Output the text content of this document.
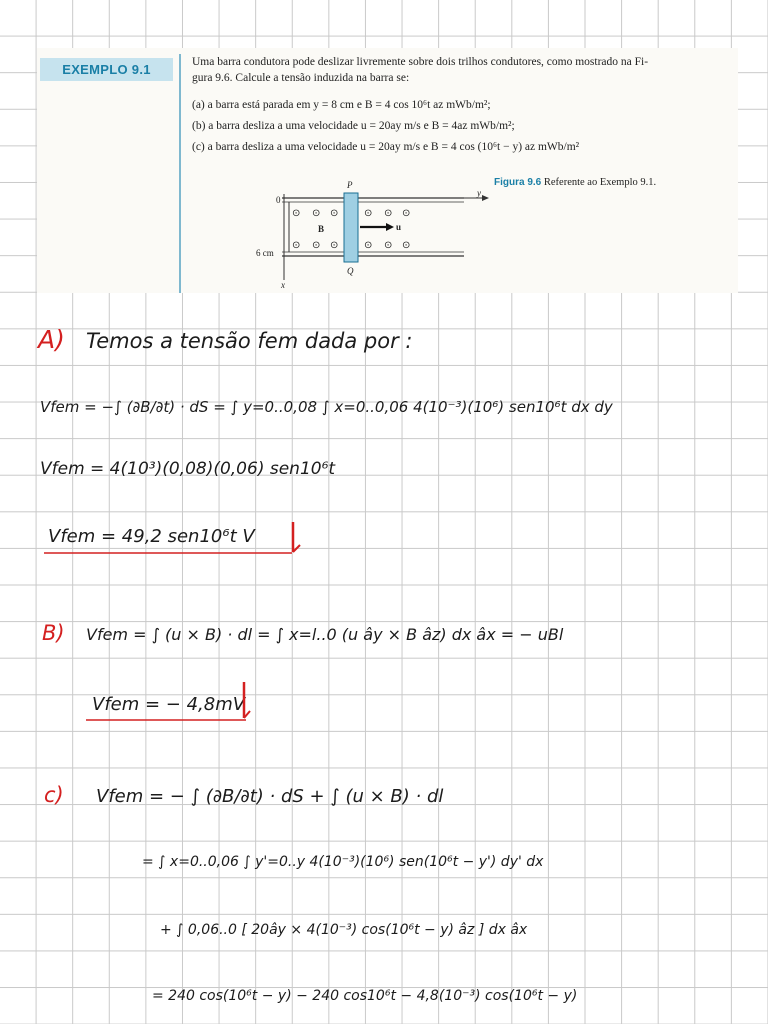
EXEMPLO 9.1	Uma barra condutora pode deslizar livremente sobre dois trilhos condutores, como mostrado na Fi-

gura 9.6. Calcule a tensão induzida na barra se:

(a) a barra está parada em y = 8 cm e B = 4 cos 10⁶t az mWb/m²;
(b) a barra desliza a uma velocidade u = 20ay m/s e B = 4az mWb/m²;
(c) a barra desliza a uma velocidade u = 20ay m/s e B = 4 cos (10⁶t − y) az mWb/m²
Figura 9.6 Referente ao Exemplo 9.1.
⊙ ⊙ ⊙	⊙ ⊙ ⊙
⊙ ⊙ ⊙	⊙ ⊙ ⊙
0
y
x
6 cm
P
Q
B	u
A) Temos a tensão fem dada por :
Vfem = −∫ (∂B/∂t) · dS = ∫ y=0..0,08 ∫ x=0..0,06 4(10⁻³)(10⁶) sen10⁶t dx dy
Vfem = 4(10³)(0,08)(0,06) sen10⁶t
Vfem = 49,2 sen10⁶t V
B) Vfem = ∫ (u × B) · dl = ∫ x=l..0 (u ây × B âz) dx âx = − uBl
Vfem = − 4,8mV
c) Vfem = − ∫ (∂B/∂t) · dS + ∫ (u × B) · dl
= ∫ x=0..0,06 ∫ y'=0..y 4(10⁻³)(10⁶) sen(10⁶t − y') dy' dx
+ ∫ 0,06..0 [ 20ây × 4(10⁻³) cos(10⁶t − y) âz ] dx âx
= 240 cos(10⁶t − y) − 240 cos10⁶t − 4,8(10⁻³) cos(10⁶t − y)
